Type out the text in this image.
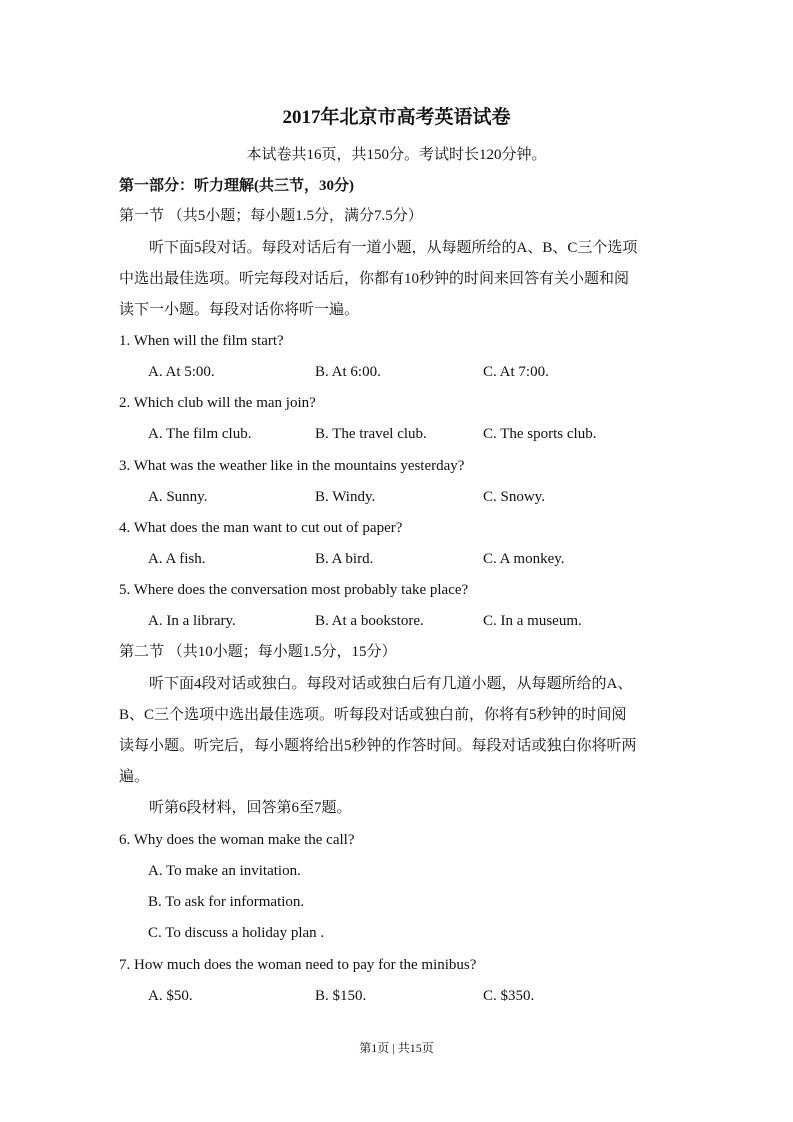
2017年北京市高考英语试卷
本试卷共16页，共150分。考试时长120分钟。
第一部分：听力理解(共三节，30分)
第一节 （共5小题；每小题1.5分，满分7.5分）
　　听下面5段对话。每段对话后有一道小题，从每题所给的A、B、C三个选项
中选出最佳选项。听完每段对话后，你都有10秒钟的时间来回答有关小题和阅
读下一小题。每段对话你将听一遍。
1. When will the film start?
A. At 5:00.	B. At 6:00.	C. At 7:00.
2. Which club will the man join?
A. The film club.	B. The travel club.	C. The sports club.
3. What was the weather like in the mountains yesterday?
A. Sunny.	B. Windy.	C. Snowy.
4. What does the man want to cut out of paper?
A. A fish.	B. A bird.	C. A monkey.
5. Where does the conversation most probably take place?
A. In a library.	B. At a bookstore.	C. In a museum.
第二节 （共10小题；每小题1.5分，15分）
　　听下面4段对话或独白。每段对话或独白后有几道小题，从每题所给的A、
B、C三个选项中选出最佳选项。听每段对话或独白前，你将有5秒钟的时间阅
读每小题。听完后，每小题将给出5秒钟的作答时间。每段对话或独白你将听两
遍。
　　听第6段材料，回答第6至7题。
6. Why does the woman make the call?
A. To make an invitation.
B. To ask for information.
C. To discuss a holiday plan .
7. How much does the woman need to pay for the minibus?
A. $50.	B. $150.	C. $350.
第1页 | 共15页
